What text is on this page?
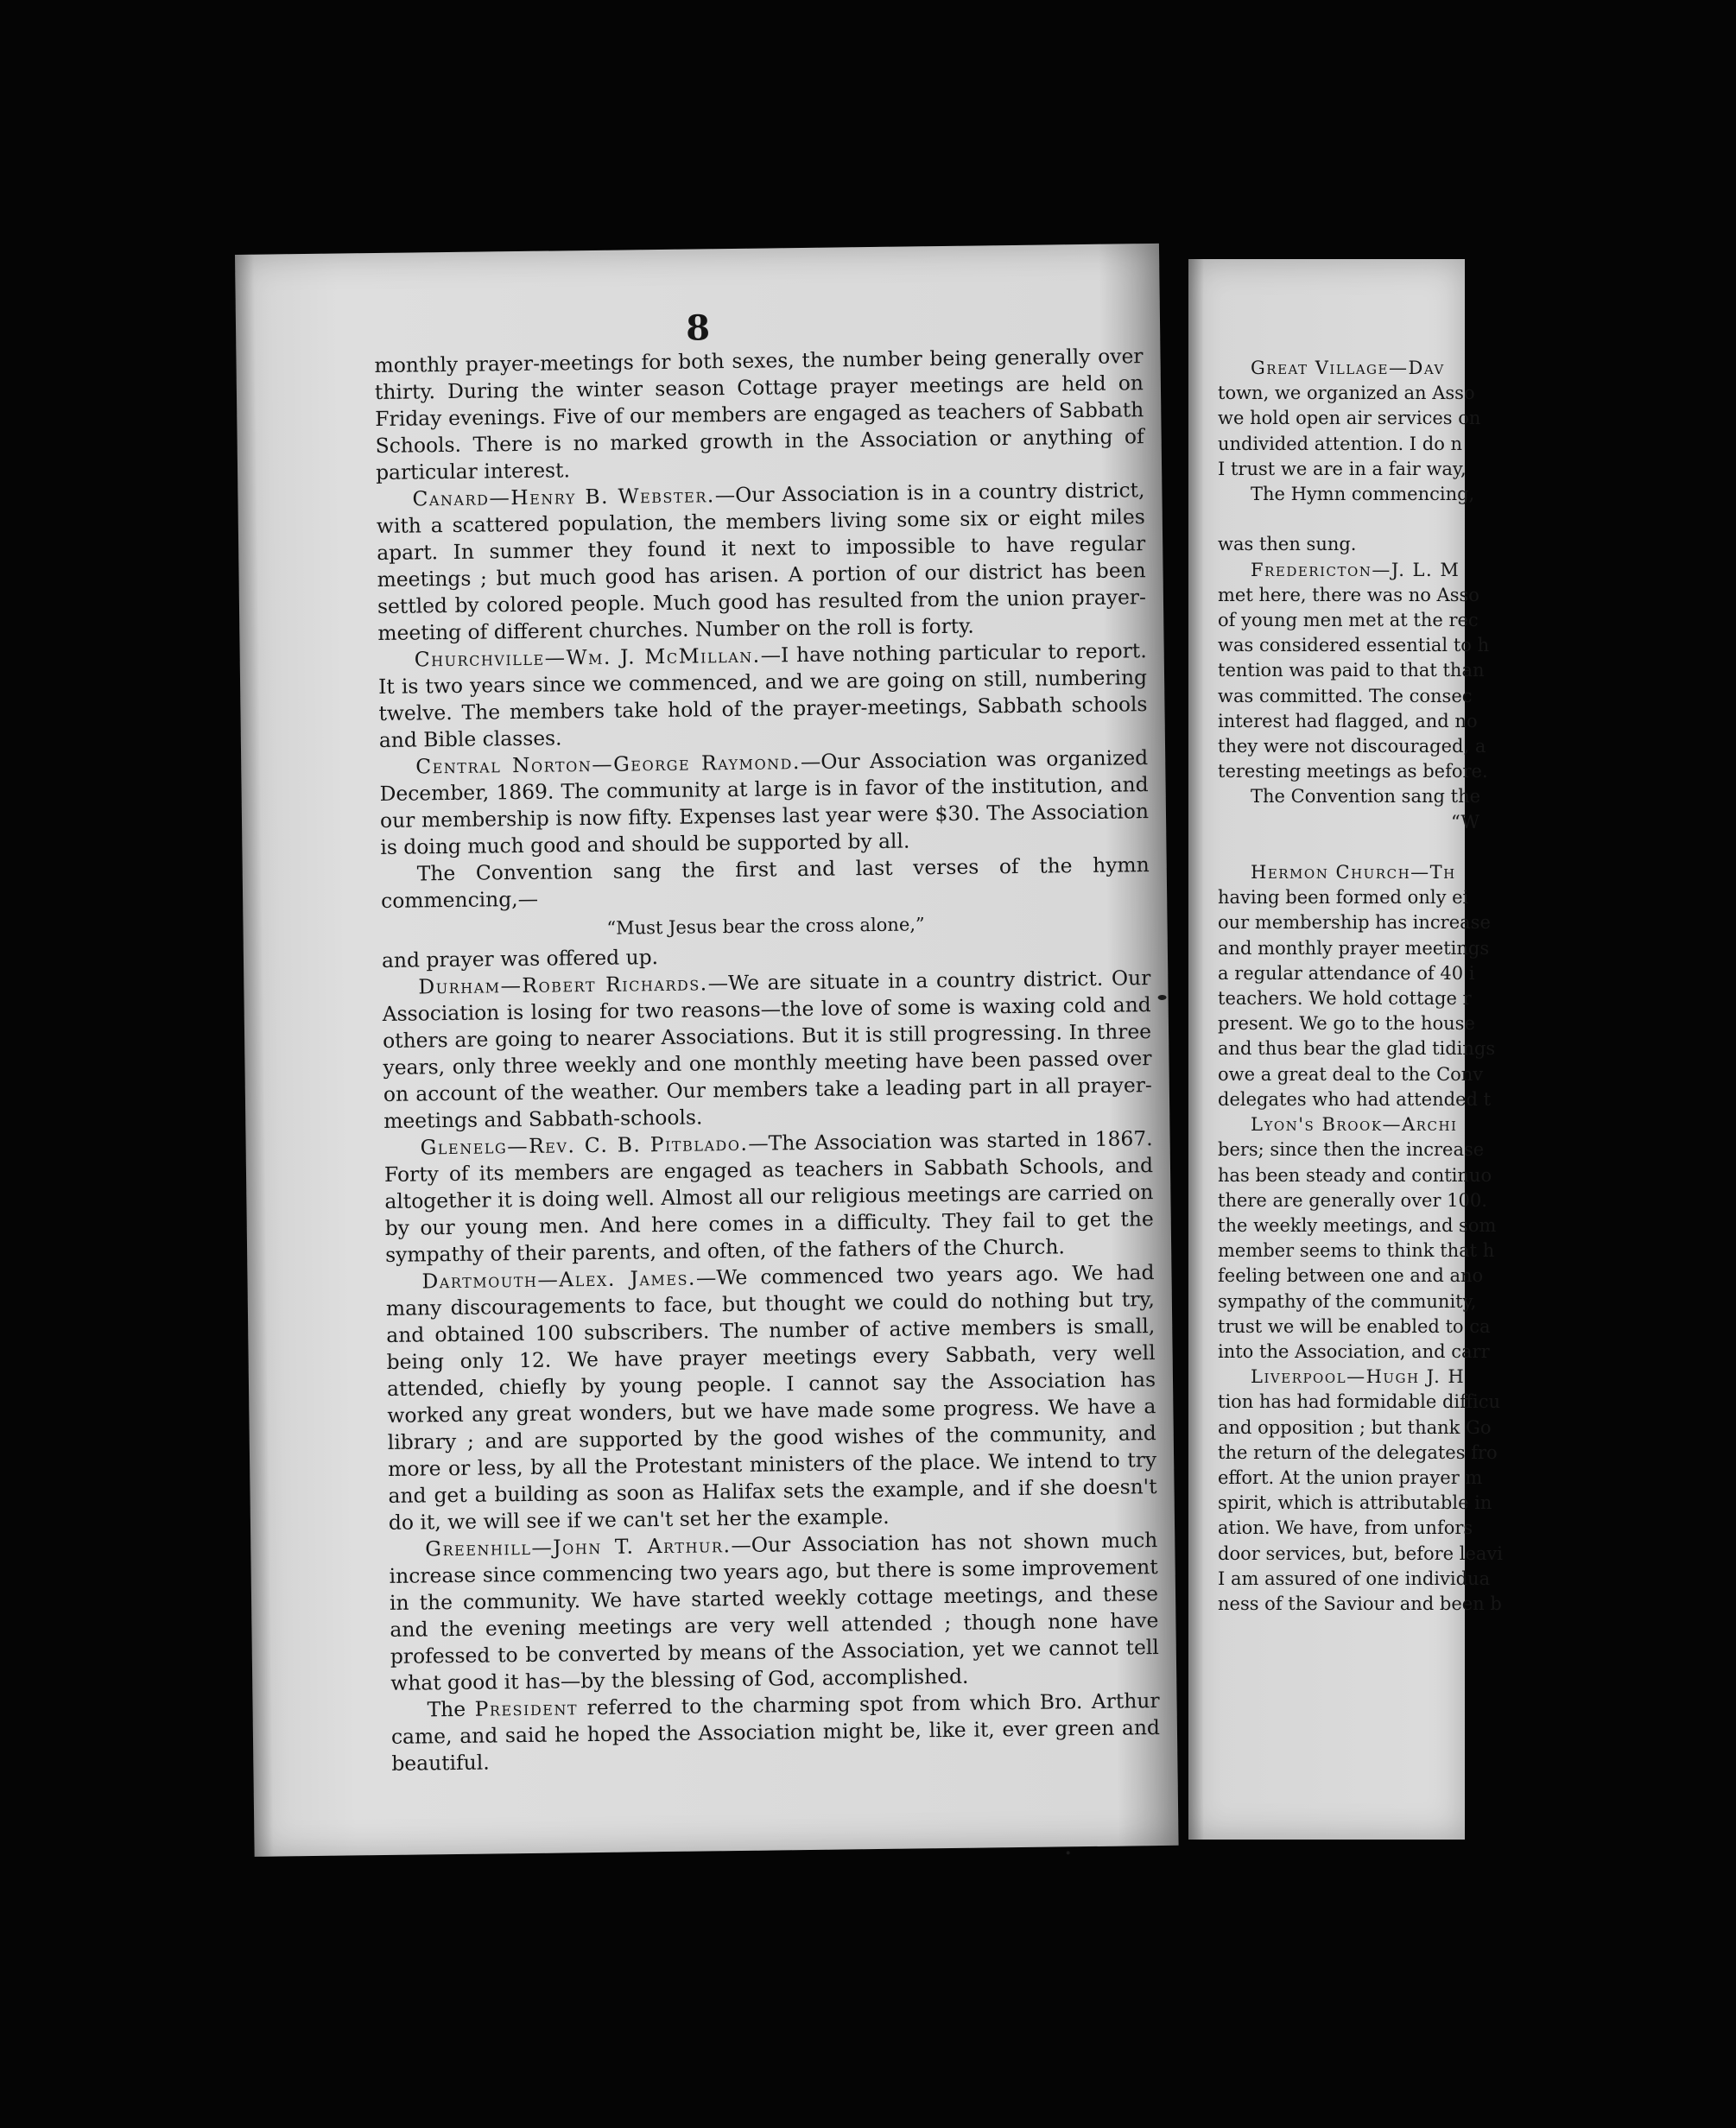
8

monthly prayer-meetings for both sexes, the number being generally over thirty. During the winter season Cottage prayer meetings are held on Friday evenings. Five of our members are engaged as teachers of Sabbath Schools. There is no marked growth in the Association or anything of particular interest.

Canard—Henry B. Webster.—Our Association is in a country district, with a scattered population, the members living some six or eight miles apart. In summer they found it next to impossible to have regular meetings ; but much good has arisen. A portion of our district has been settled by colored people. Much good has resulted from the union prayer-meeting of different churches. Number on the roll is forty.

Churchville—Wm. J. McMillan.—I have nothing particular to report. It is two years since we commenced, and we are going on still, numbering twelve. The members take hold of the prayer-meetings, Sabbath schools and Bible classes.

Central Norton—George Raymond.—Our Association was organized December, 1869. The community at large is in favor of the institution, and our membership is now fifty. Expenses last year were $30. The Association is doing much good and should be supported by all.

The Convention sang the first and last verses of the hymn commencing,—

“Must Jesus bear the cross alone,”

and prayer was offered up.

Durham—Robert Richards.—We are situate in a country district. Our Association is losing for two reasons—the love of some is waxing cold and others are going to nearer Associations. But it is still progressing. In three years, only three weekly and one monthly meeting have been passed over on account of the weather. Our members take a leading part in all prayer-meetings and Sabbath-schools.

Glenelg—Rev. C. B. Pitblado.—The Association was started in 1867. Forty of its members are engaged as teachers in Sabbath Schools, and altogether it is doing well. Almost all our religious meetings are carried on by our young men. And here comes in a difficulty. They fail to get the sympathy of their parents, and often, of the fathers of the Church.

Dartmouth—Alex. James.—We commenced two years ago. We had many discouragements to face, but thought we could do nothing but try, and obtained 100 subscribers. The number of active members is small, being only 12. We have prayer meetings every Sabbath, very well attended, chiefly by young people. I cannot say the Association has worked any great wonders, but we have made some progress. We have a library ; and are supported by the good wishes of the community, and more or less, by all the Protestant ministers of the place. We intend to try and get a building as soon as Halifax sets the example, and if she doesn't do it, we will see if we can't set her the example.

Greenhill—John T. Arthur.—Our Association has not shown much increase since commencing two years ago, but there is some improvement in the community. We have started weekly cottage meetings, and these and the evening meetings are very well attended ; though none have professed to be converted by means of the Association, yet we cannot tell what good it has—by the blessing of God, accomplished.

The President referred to the charming spot from which Bro. Arthur came, and said he hoped the Association might be, like it, ever green and beautiful.

Great Village—Dav
town, we organized an Asso
we hold open air services on
undivided attention. I do n
I trust we are in a fair way,
The Hymn commencing,

was then sung.
Fredericton—J. L. M
met here, there was no Asso
of young men met at the rec
was considered essential to h
tention was paid to that than
was committed. The consec
interest had flagged, and no
they were not discouraged, a
teresting meetings as before.
The Convention sang the
“W

Hermon Church—Th
having been formed only ei
our membership has increase
and monthly prayer meetings
a regular attendance of 40 i
teachers. We hold cottage r
present. We go to the house
and thus bear the glad tidings
owe a great deal to the Conv
delegates who had attended t
Lyon's Brook—Archi
bers; since then the increase
has been steady and continuo
there are generally over 100.
the weekly meetings, and som
member seems to think that h
feeling between one and ano
sympathy of the community,
trust we will be enabled to ca
into the Association, and carr
Liverpool—Hugh J. H
tion has had formidable difficu
and opposition ; but thank Go
the return of the delegates fro
effort. At the union prayer m
spirit, which is attributable in
ation. We have, from unfors
door services, but, before leavi
I am assured of one individua
ness of the Saviour and been b
